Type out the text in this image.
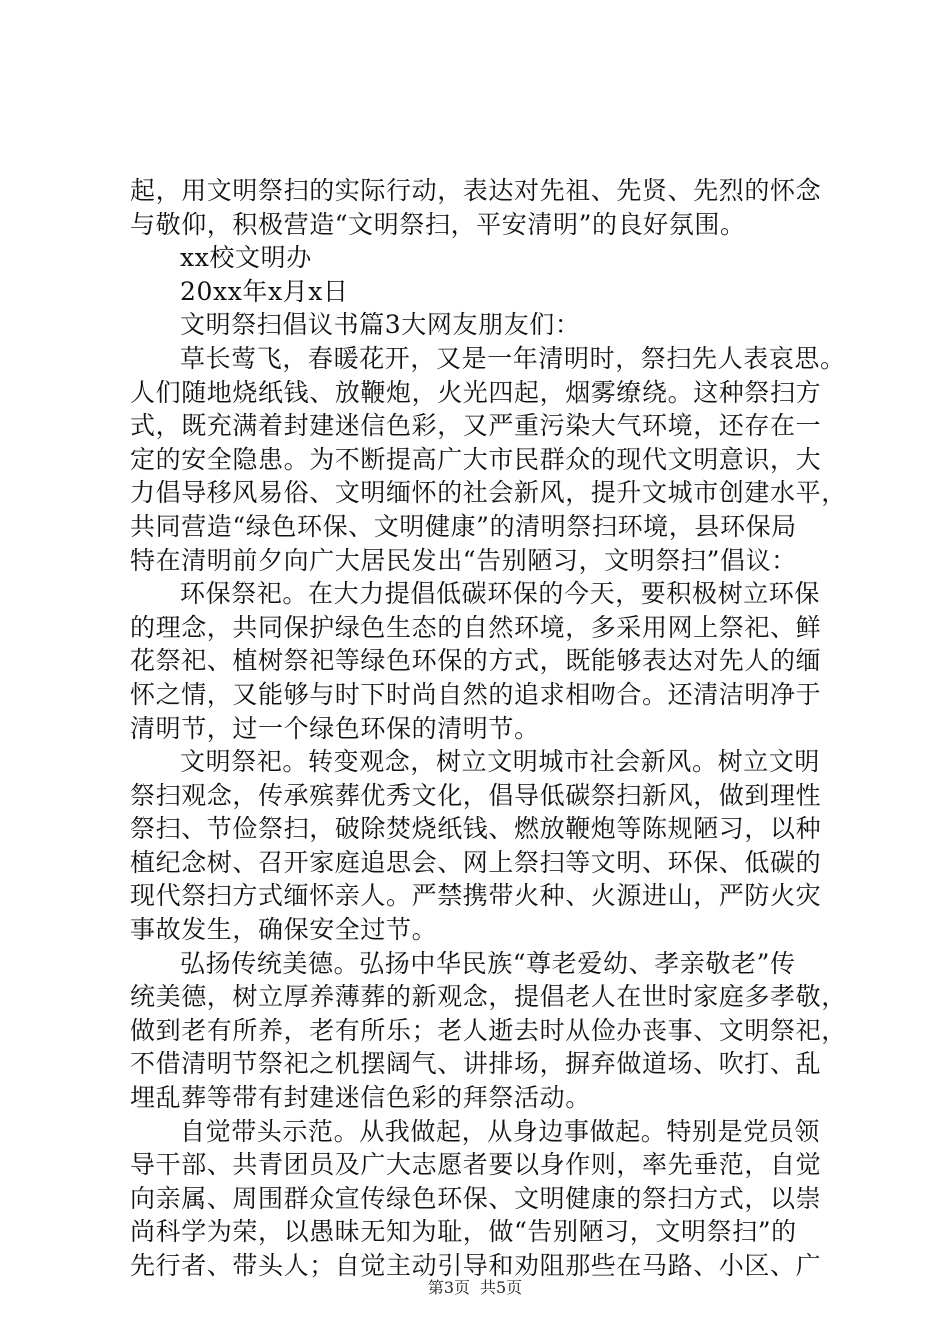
起，用文明祭扫的实际行动，表达对先祖、先贤、先烈的怀念
与敬仰，积极营造“文明祭扫，平安清明”的良好氛围。
xx校文明办
20xx年x月x日
文明祭扫倡议书篇3大网友朋友们：
草长莺飞，春暖花开，又是一年清明时，祭扫先人表哀思。
人们随地烧纸钱、放鞭炮，火光四起，烟雾缭绕。这种祭扫方
式，既充满着封建迷信色彩，又严重污染大气环境，还存在一
定的安全隐患。为不断提高广大市民群众的现代文明意识，大
力倡导移风易俗、文明缅怀的社会新风，提升文城市创建水平，
共同营造“绿色环保、文明健康”的清明祭扫环境，县环保局
特在清明前夕向广大居民发出“告别陋习，文明祭扫”倡议：
环保祭祀。在大力提倡低碳环保的今天，要积极树立环保
的理念，共同保护绿色生态的自然环境，多采用网上祭祀、鲜
花祭祀、植树祭祀等绿色环保的方式，既能够表达对先人的缅
怀之情，又能够与时下时尚自然的追求相吻合。还清洁明净于
清明节，过一个绿色环保的清明节。
文明祭祀。转变观念，树立文明城市社会新风。树立文明
祭扫观念，传承殡葬优秀文化，倡导低碳祭扫新风，做到理性
祭扫、节俭祭扫，破除焚烧纸钱、燃放鞭炮等陈规陋习，以种
植纪念树、召开家庭追思会、网上祭扫等文明、环保、低碳的
现代祭扫方式缅怀亲人。严禁携带火种、火源进山，严防火灾
事故发生，确保安全过节。
弘扬传统美德。弘扬中华民族“尊老爱幼、孝亲敬老”传
统美德，树立厚养薄葬的新观念，提倡老人在世时家庭多孝敬，
做到老有所养，老有所乐；老人逝去时从俭办丧事、文明祭祀，
不借清明节祭祀之机摆阔气、讲排场，摒弃做道场、吹打、乱
埋乱葬等带有封建迷信色彩的拜祭活动。
自觉带头示范。从我做起，从身边事做起。特别是党员领
导干部、共青团员及广大志愿者要以身作则，率先垂范，自觉
向亲属、周围群众宣传绿色环保、文明健康的祭扫方式，以崇
尚科学为荣，以愚昧无知为耻，做“告别陋习，文明祭扫”的
先行者、带头人；自觉主动引导和劝阻那些在马路、小区、广
第3页 共5页
